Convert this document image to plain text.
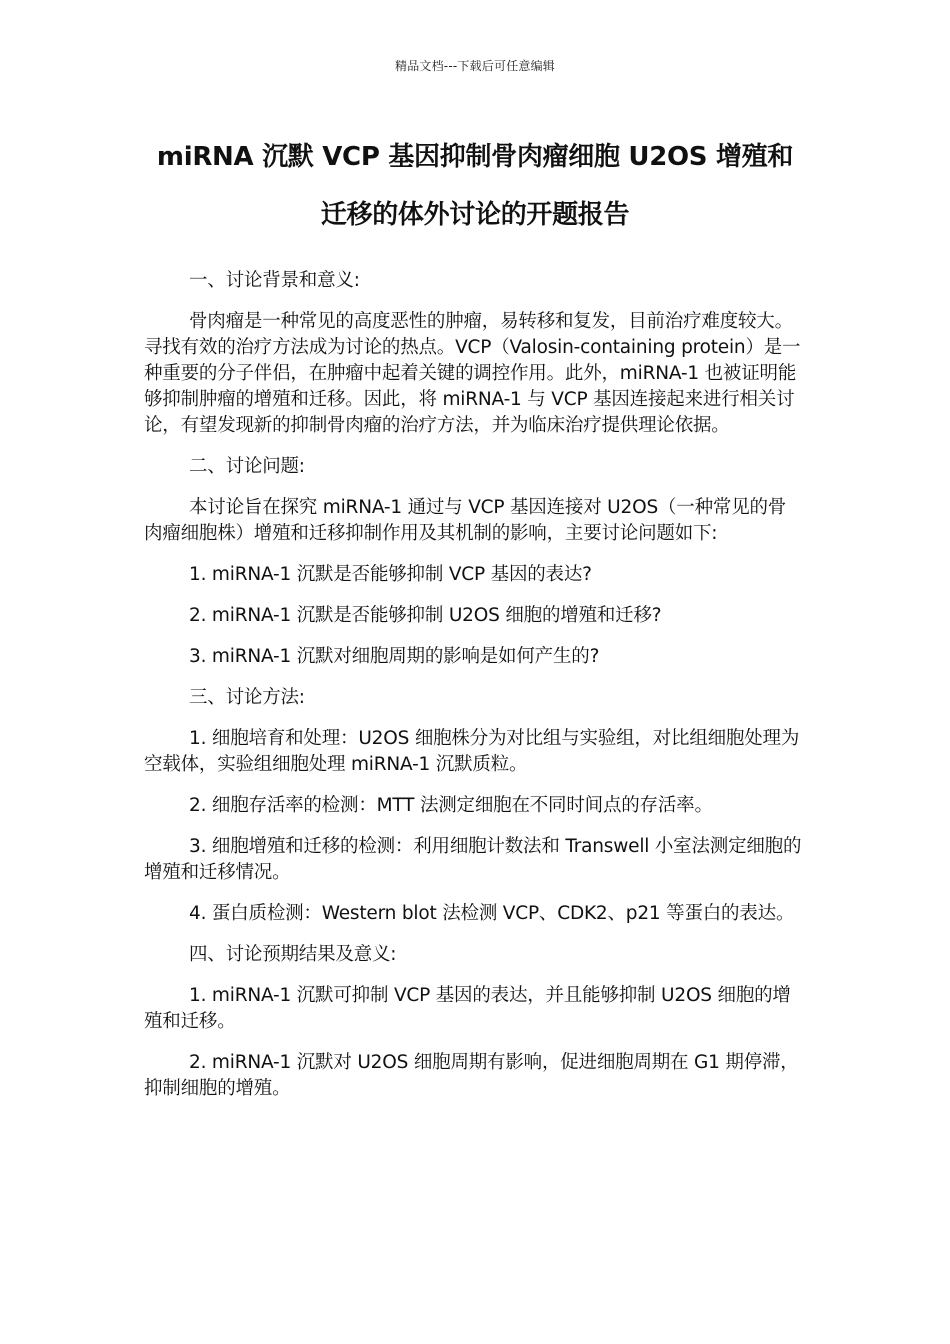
精品文档---下载后可任意编辑
miRNA 沉默 VCP 基因抑制骨肉瘤细胞 U2OS 增殖和
迁移的体外讨论的开题报告

一、讨论背景和意义:

骨肉瘤是一种常见的高度恶性的肿瘤，易转移和复发，目前治疗难度较大。寻找有效的治疗方法成为讨论的热点。VCP（Valosin-containing protein）是一种重要的分子伴侣，在肿瘤中起着关键的调控作用。此外，miRNA-1 也被证明能够抑制肿瘤的增殖和迁移。因此，将 miRNA-1 与 VCP 基因连接起来进行相关讨论，有望发现新的抑制骨肉瘤的治疗方法，并为临床治疗提供理论依据。

二、讨论问题:

本讨论旨在探究 miRNA-1 通过与 VCP 基因连接对 U2OS（一种常见的骨肉瘤细胞株）增殖和迁移抑制作用及其机制的影响，主要讨论问题如下:

1. miRNA-1 沉默是否能够抑制 VCP 基因的表达?

2. miRNA-1 沉默是否能够抑制 U2OS 细胞的增殖和迁移?

3. miRNA-1 沉默对细胞周期的影响是如何产生的?

三、讨论方法:

1. 细胞培育和处理：U2OS 细胞株分为对比组与实验组，对比组细胞处理为空载体，实验组细胞处理 miRNA-1 沉默质粒。

2. 细胞存活率的检测：MTT 法测定细胞在不同时间点的存活率。

3. 细胞增殖和迁移的检测：利用细胞计数法和 Transwell 小室法测定细胞的增殖和迁移情况。

4. 蛋白质检测：Western blot 法检测 VCP、CDK2、p21 等蛋白的表达。

四、讨论预期结果及意义:

1. miRNA-1 沉默可抑制 VCP 基因的表达，并且能够抑制 U2OS 细胞的增殖和迁移。

2. miRNA-1 沉默对 U2OS 细胞周期有影响，促进细胞周期在 G1 期停滞，抑制细胞的增殖。
